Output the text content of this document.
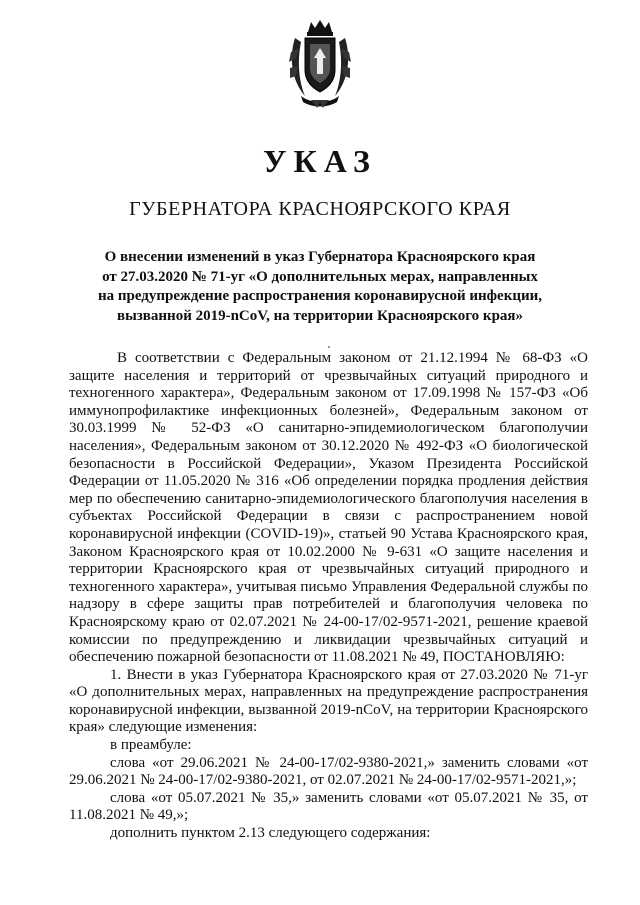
УКАЗ
ГУБЕРНАТОРА КРАСНОЯРСКОГО КРАЯ
О внесении изменений в указ Губернатора Красноярского края
от 27.03.2020 № 71-уг «О дополнительных мерах, направленных
на предупреждение распространения коронавирусной инфекции,
вызванной 2019-nCoV, на территории Красноярского края»

В соответствии с Федеральным законом от 21.12.1994 № 68-ФЗ «О защите населения и территорий от чрезвычайных ситуаций природного и техногенного характера», Федеральным законом от 17.09.1998 № 157-ФЗ «Об иммунопрофилактике инфекционных болезней», Федеральным законом от 30.03.1999 № 52-ФЗ «О санитарно-эпидемиологическом благополучии населения», Федеральным законом от 30.12.2020 № 492-ФЗ «О биологической безопасности в Российской Федерации», Указом Президента Российской Федерации от 11.05.2020 № 316 «Об определении порядка продления действия мер по обеспечению санитарно-эпидемиологического благополучия населения в субъектах Российской Федерации в связи с распространением новой коронавирусной инфекции (COVID-19)», статьей 90 Устава Красноярского края, Законом Красноярского края от 10.02.2000 № 9-631 «О защите населения и территории Красноярского края от чрезвычайных ситуаций природного и техногенного характера», учитывая письмо Управления Федеральной службы по надзору в сфере защиты прав потребителей и благополучия человека по Красноярскому краю от 02.07.2021 № 24-00-17/02-9571-2021, решение краевой комиссии по предупреждению и ликвидации чрезвычайных ситуаций и обеспечению пожарной безопасности от 11.08.2021 № 49, ПОСТАНОВЛЯЮ:

1. Внести в указ Губернатора Красноярского края от 27.03.2020 № 71-уг «О дополнительных мерах, направленных на предупреждение распространения коронавирусной инфекции, вызванной 2019-nCoV, на территории Красноярского края» следующие изменения:

в преамбуле:

слова «от 29.06.2021 № 24-00-17/02-9380-2021,» заменить словами «от 29.06.2021 № 24-00-17/02-9380-2021, от 02.07.2021 № 24-00-17/02-9571-2021,»;

слова «от 05.07.2021 № 35,» заменить словами «от 05.07.2021 № 35, от 11.08.2021 № 49,»;

дополнить пунктом 2.13 следующего содержания:
